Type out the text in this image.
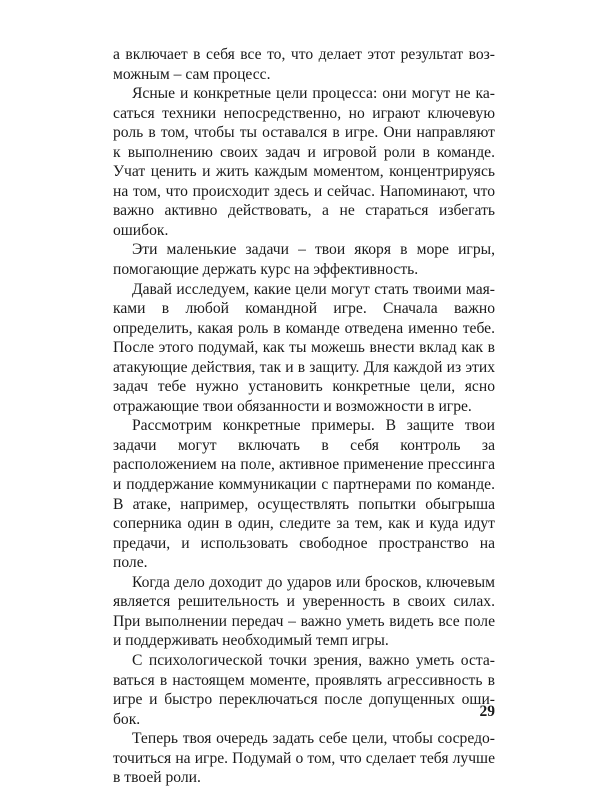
а включает в себя все то, что делает этот результат возможным – сам процесс.

Ясные и конкретные цели процесса: они могут не касаться техники непосредственно, но играют ключевую роль в том, чтобы ты оставался в игре. Они направляют к выполнению своих задач и игровой роли в команде. Учат ценить и жить каждым моментом, концентрируясь на том, что происходит здесь и сейчас. Напоминают, что важно активно действовать, а не стараться избегать ошибок.

Эти маленькие задачи – твои якоря в море игры, помогающие держать курс на эффективность.

Давай исследуем, какие цели могут стать твоими маяками в любой командной игре. Сначала важно определить, какая роль в команде отведена именно тебе. После этого подумай, как ты можешь внести вклад как в атакующие действия, так и в защиту. Для каждой из этих задач тебе нужно установить конкретные цели, ясно отражающие твои обязанности и возможности в игре.

Рассмотрим конкретные примеры. В защите твои задачи могут включать в себя контроль за расположением на поле, активное применение прессинга и поддержание коммуникации с партнерами по команде. В атаке, например, осуществлять попытки обыгрыша соперника один в один, следите за тем, как и куда идут предачи, и использовать свободное пространство на поле.

Когда дело доходит до ударов или бросков, ключевым является решительность и уверенность в своих силах. При выполнении передач – важно уметь видеть все поле и поддерживать необходимый темп игры.

С психологической точки зрения, важно уметь оставаться в настоящем моменте, проявлять агрессивность в игре и быстро переключаться после допущенных ошибок.

Теперь твоя очередь задать себе цели, чтобы сосредоточиться на игре. Подумай о том, что сделает тебя лучше в твоей роли.

29
